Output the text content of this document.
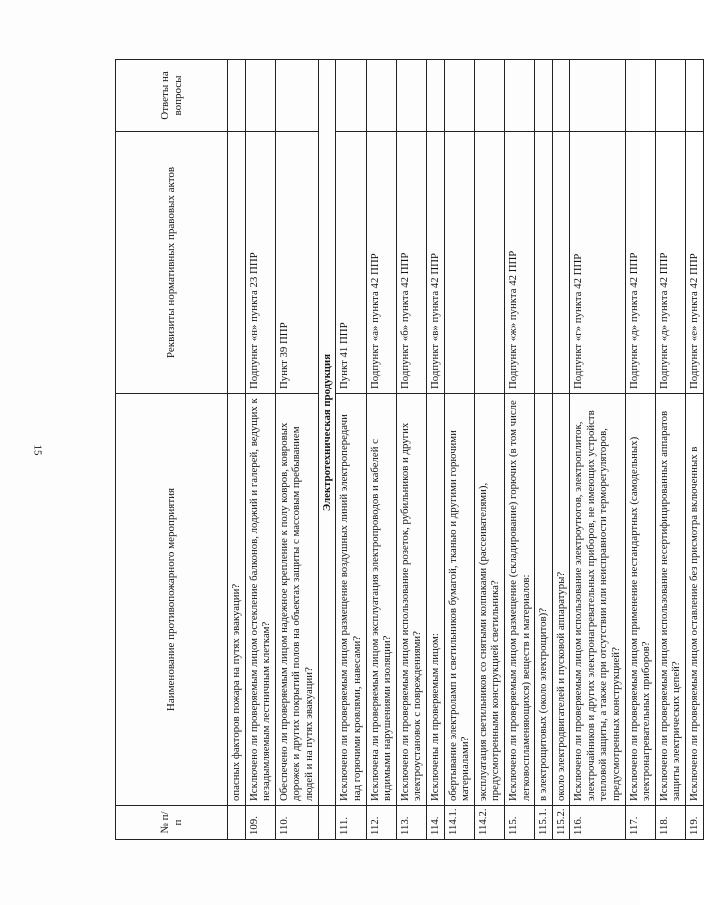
15
№ п/п	Наименование противопожарного мероприятия	Реквизиты нормативных правовых актов	Ответы на вопросы
	опасных факторов пожара на путях эвакуации?		
109.	Исключено ли проверяемым лицом остекление балконов, лоджий и галерей, ведущих к незадымляемым лестничным клеткам?	Подпункт «н» пункта 23 ППР	
110.	Обеспечено ли проверяемым лицом надежное крепление к полу ковров, ковровых дорожек и других покрытий полов на объектах защиты с массовым пребыванием людей и на путях эвакуации?	Пункт 39 ППР	
	Электротехническая продукция		
111.	Исключено ли проверяемым лицом размещение воздушных линий электропередачи над горючими кровлями, навесами?	Пункт 41 ППР	
112.	Исключена ли проверяемым лицом эксплуатация электропроводов и кабелей с видимыми нарушениями изоляции?	Подпункт «а» пункта 42 ППР	
113.	Исключено ли проверяемым лицом использование розеток, рубильников и других электроустановок с повреждениями?	Подпункт «б» пункта 42 ППР	
114.	Исключены ли проверяемым лицом:	Подпункт «в» пункта 42 ППР	
114.1.	обертывание электроламп и светильников бумагой, тканью и другими горючими материалами?		
114.2.	эксплуатация светильников со снятыми колпаками (рассеивателями), предусмотренными конструкцией светильника?		
115.	Исключено ли проверяемым лицом размещение (складирование) горючих (в том числе легковоспламеняющихся) веществ и материалов:	Подпункт «ж» пункта 42 ППР	
115.1.	в электрощитовых (около электрощитов)?		
115.2.	около электродвигателей и пусковой аппаратуры?		
116.	Исключено ли проверяемым лицом использование электроутюгов, электроплиток, электрочайников и других электронагревательных приборов, не имеющих устройств тепловой защиты, а также при отсутствии или неисправности терморегуляторов, предусмотренных конструкцией?	Подпункт «г» пункта 42 ППР	
117.	Исключено ли проверяемым лицом применение нестандартных (самодельных) электронагревательных приборов?	Подпункт «д» пункта 42 ППР	
118.	Исключено ли проверяемым лицом использование несертифицированных аппаратов защиты электрических цепей?	Подпункт «д» пункта 42 ППР	
119.	Исключено ли проверяемым лицом оставление без присмотра включенных в	Подпункт «е» пункта 42 ППР	
